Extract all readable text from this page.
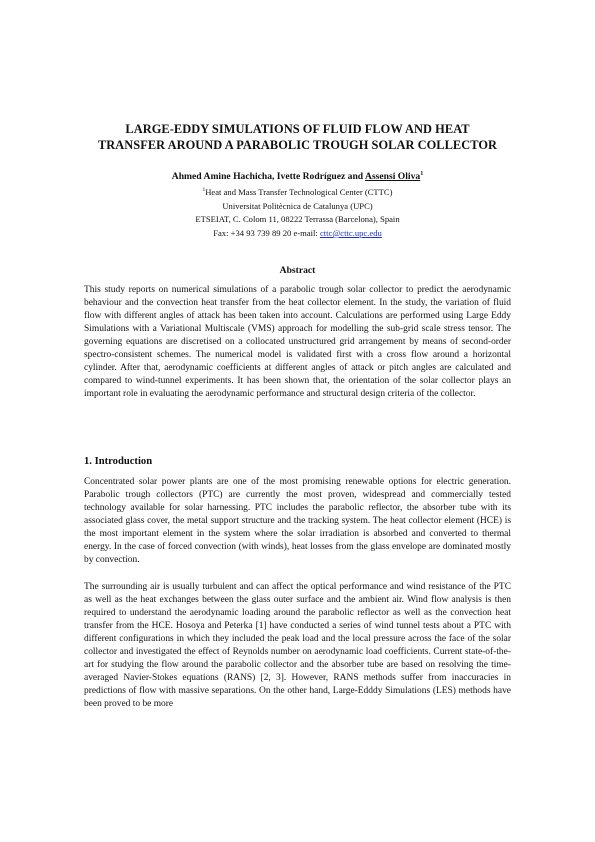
LARGE-EDDY SIMULATIONS OF FLUID FLOW AND HEAT
TRANSFER AROUND A PARABOLIC TROUGH SOLAR COLLECTOR
Ahmed Amine Hachicha, Ivette Rodríguez and Assensi Oliva$^1$
$^1$Heat and Mass Transfer Technological Center (CTTC)
Universitat Politècnica de Catalunya (UPC)
ETSEIAT, C. Colom 11, 08222 Terrassa (Barcelona), Spain
Fax: +34 93 739 89 20 e-mail: cttc@cttc.upc.edu
Abstract

This study reports on numerical simulations of a parabolic trough solar collector to predict the aerodynamic behaviour and the convection heat transfer from the heat collector element. In the study, the variation of fluid flow with different angles of attack has been taken into account. Calculations are performed using Large Eddy Simulations with a Variational Multiscale (VMS) approach for modelling the sub-grid scale stress tensor. The governing equations are discretised on a collocated unstructured grid arrangement by means of second-order spectro-consistent schemes. The numerical model is validated first with a cross flow around a horizontal cylinder. After that, aerodynamic coefficients at different angles of attack or pitch angles are calculated and compared to wind-tunnel experiments. It has been shown that, the orientation of the solar collector plays an important role in evaluating the aerodynamic performance and structural design criteria of the collector.

1. Introduction

Concentrated solar power plants are one of the most promising renewable options for electric generation. Parabolic trough collectors (PTC) are currently the most proven, widespread and commercially tested technology available for solar harnessing. PTC includes the parabolic reflector, the absorber tube with its associated glass cover, the metal support structure and the tracking system. The heat collector element (HCE) is the most important element in the system where the solar irradiation is absorbed and converted to thermal energy. In the case of forced convection (with winds), heat losses from the glass envelope are dominated mostly by convection.

The surrounding air is usually turbulent and can affect the optical performance and wind resistance of the PTC as well as the heat exchanges between the glass outer surface and the ambient air. Wind flow analysis is then required to understand the aerodynamic loading around the parabolic reflector as well as the convection heat transfer from the HCE. Hosoya and Peterka [1] have conducted a series of wind tunnel tests about a PTC with different configurations in which they included the peak load and the local pressure across the face of the solar collector and investigated the effect of Reynolds number on aerodynamic load coefficients. Current state-of-the-art for studying the flow around the parabolic collector and the absorber tube are based on resolving the time-averaged Navier-Stokes equations (RANS) [2, 3]. However, RANS methods suffer from inaccuracies in predictions of flow with massive separations. On the other hand, Large-Edddy Simulations (LES) methods have been proved to be more
